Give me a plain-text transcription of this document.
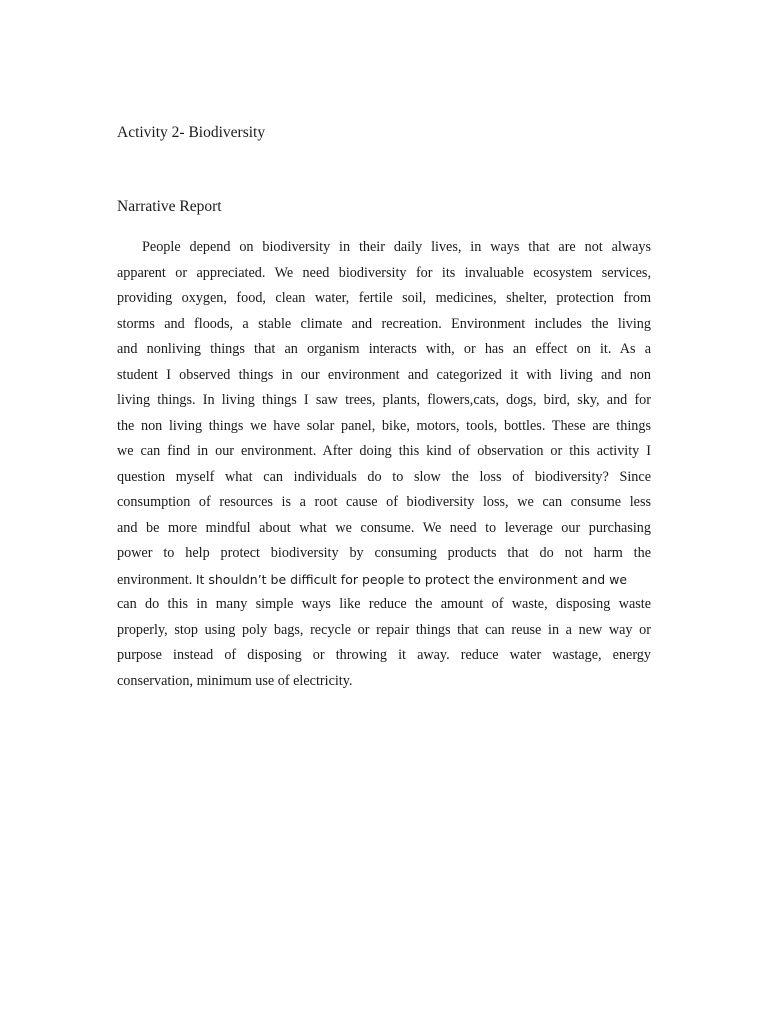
Activity 2- Biodiversity
Narrative Report
People depend on biodiversity in their daily lives, in ways that are not always
apparent or appreciated. We need biodiversity for its invaluable ecosystem services,
providing oxygen, food, clean water, fertile soil, medicines, shelter, protection from
storms and floods, a stable climate and recreation. Environment includes the living
and nonliving things that an organism interacts with, or has an effect on it. As a
student I observed things in our environment and categorized it with living and non
living things. In living things I saw trees, plants, flowers,cats, dogs, bird, sky, and for
the non living things we have solar panel, bike, motors, tools, bottles. These are things
we can find in our environment. After doing this kind of observation or this activity I
question myself what can individuals do to slow the loss of biodiversity? Since
consumption of resources is a root cause of biodiversity loss, we can consume less
and be more mindful about what we consume. We need to leverage our purchasing
power to help protect biodiversity by consuming products that do not harm the
environment. It shouldn’t be difficult for people to protect the environment and we
can do this in many simple ways like reduce the amount of waste, disposing waste
properly, stop using poly bags, recycle or repair things that can reuse in a new way or
purpose instead of disposing or throwing it away. reduce water wastage, energy
conservation, minimum use of electricity.
